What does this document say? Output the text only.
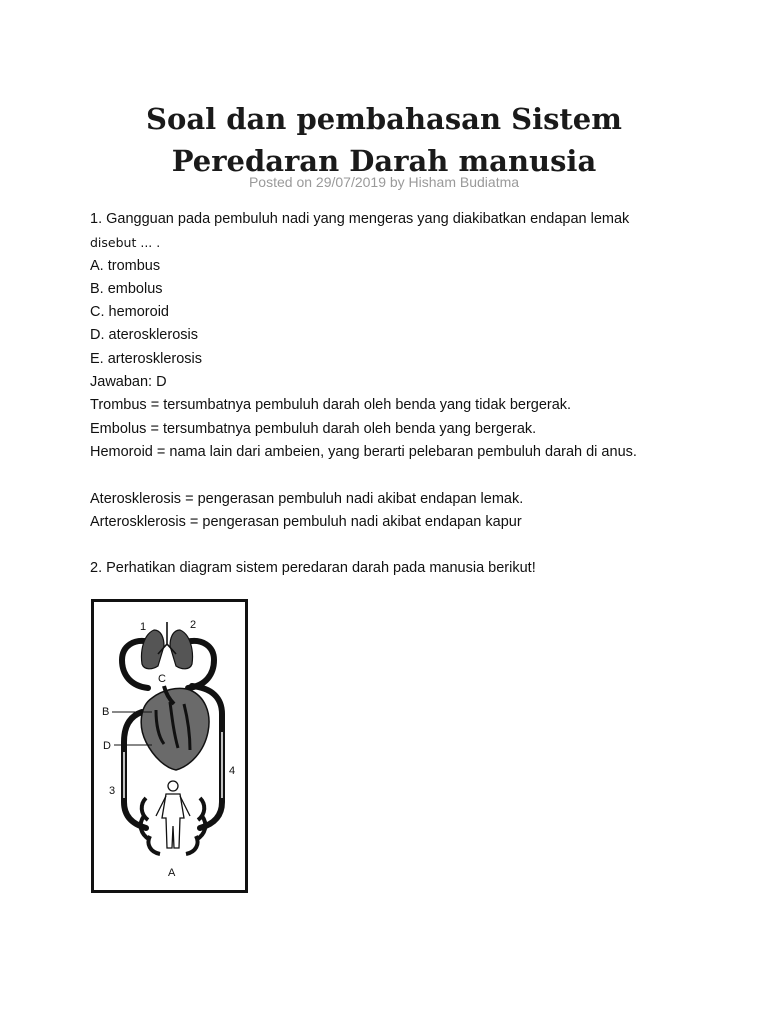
Soal dan pembahasan Sistem Peredaran Darah manusia
Posted on 29/07/2019 by Hisham Budiatma
1. Gangguan pada pembuluh nadi yang mengeras yang diakibatkan endapan lemak
disebut ... .
A. trombus
B. embolus
C. hemoroid
D. aterosklerosis
E. arterosklerosis
Jawaban: D
Trombus = tersumbatnya pembuluh darah oleh benda yang tidak bergerak.
Embolus = tersumbatnya pembuluh darah oleh benda yang bergerak.
Hemoroid = nama lain dari ambeien, yang berarti pelebaran pembuluh darah di anus.
Aterosklerosis = pengerasan pembuluh nadi akibat endapan lemak.
Arterosklerosis = pengerasan pembuluh nadi akibat endapan kapur
2. Perhatikan diagram sistem peredaran darah pada manusia berikut!
1	2
C
B
D
3
4
A
